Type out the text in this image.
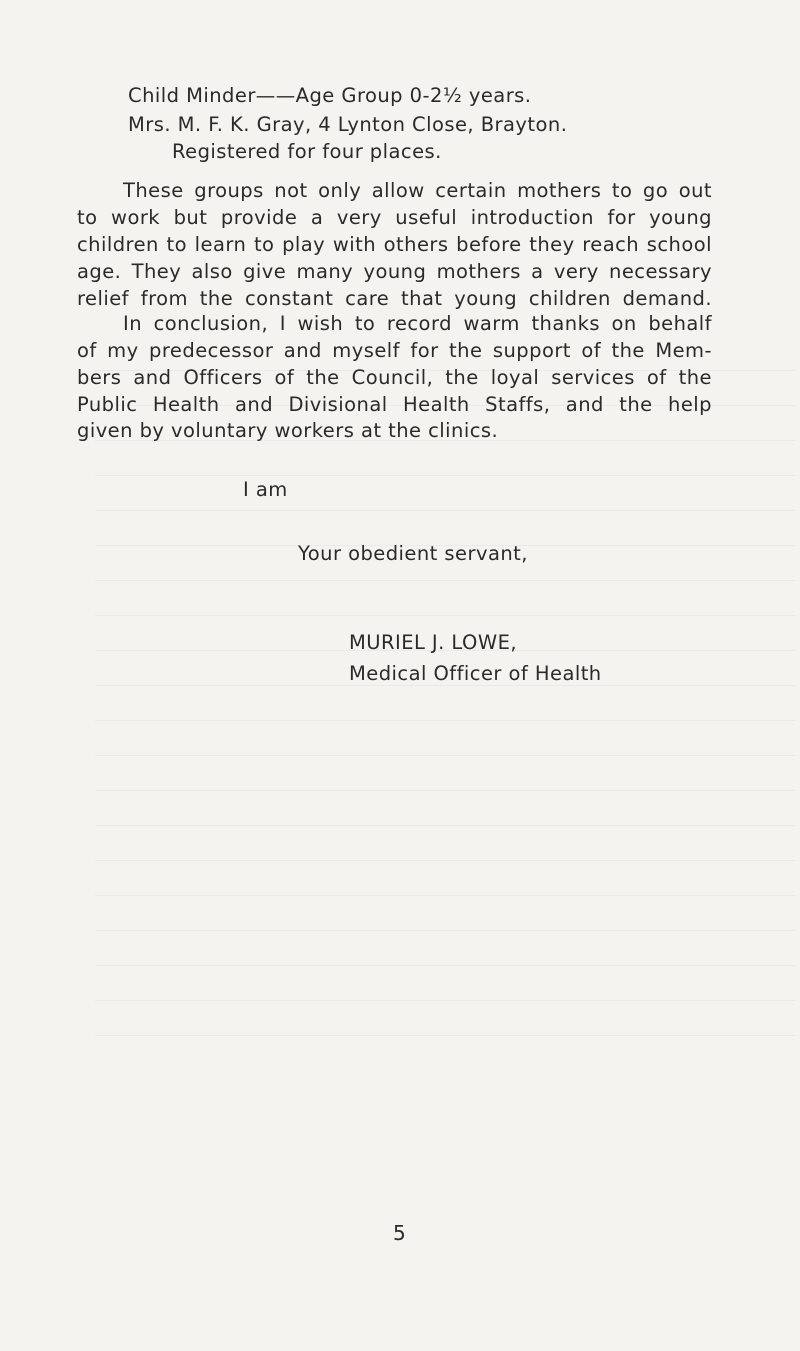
Child Minder——Age Group 0-2½ years.
Mrs. M. F. K. Gray, 4 Lynton Close, Brayton.
Registered for four places.
These groups not only allow certain mothers to go out
to work but provide a very useful introduction for young
children to learn to play with others before they reach school
age. They also give many young mothers a very necessary
relief from the constant care that young children demand.
In conclusion, I wish to record warm thanks on behalf
of my predecessor and myself for the support of the Mem-
bers and Officers of the Council, the loyal services of the
Public Health and Divisional Health Staffs, and the help
given by voluntary workers at the clinics.
I am
Your obedient servant,
MURIEL J. LOWE,
Medical Officer of Health
5
